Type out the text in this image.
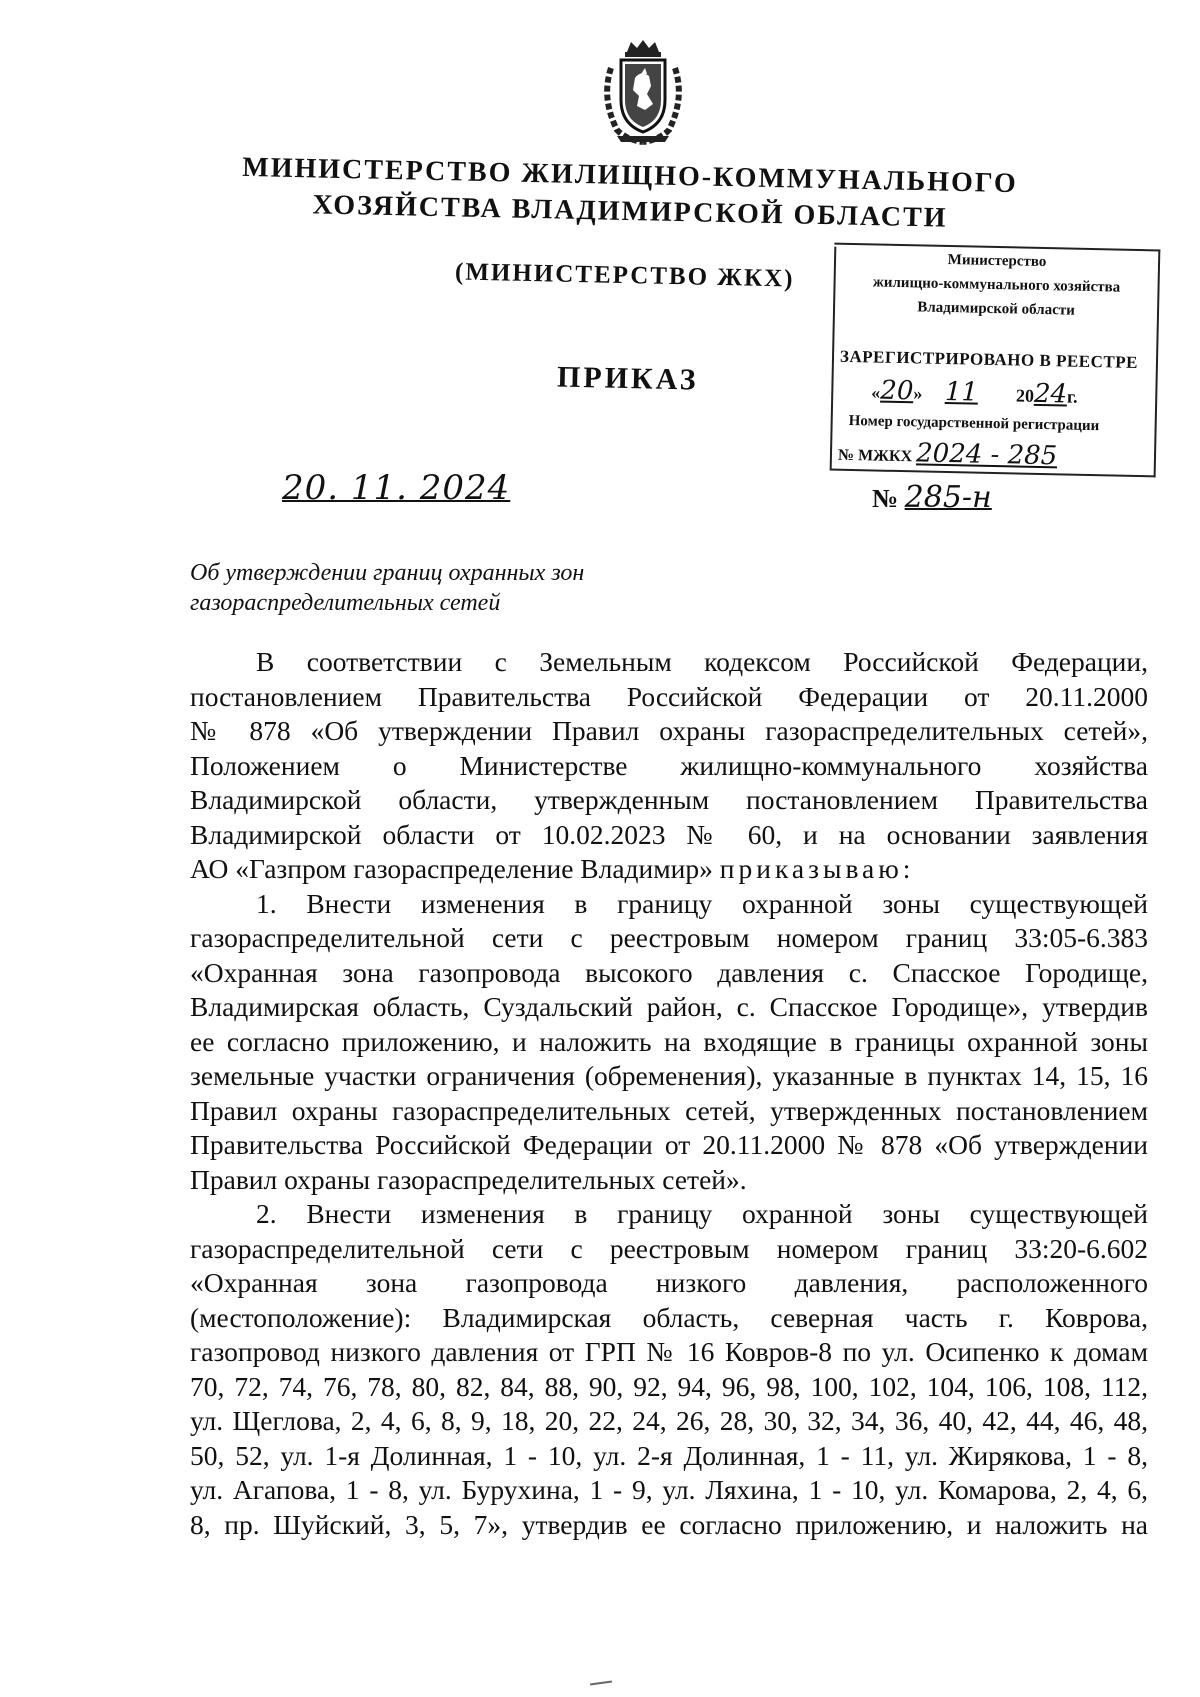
МИНИСТЕРСТВО ЖИЛИЩНО-КОММУНАЛЬНОГО
ХОЗЯЙСТВА ВЛАДИМИРСКОЙ ОБЛАСТИ
(МИНИСТЕРСТВО ЖКХ)
ПРИКАЗ
Министерство
жилищно-коммунального хозяйства
Владимирской области
ЗАРЕГИСТРИРОВАНО В РЕЕСТРЕ
«20» 11 2024г.
Номер государственной регистрации
№ МЖКХ 2024 - 285
20. 11. 2024	№ 285-н
Об утверждении границ охранных зон
газораспределительных сетей

В соответствии с Земельным кодексом Российской Федерации,

постановлением Правительства Российской Федерации от 20.11.2000

№ 878 «Об утверждении Правил охраны газораспределительных сетей»,

Положением о Министерстве жилищно-коммунального хозяйства

Владимирской области, утвержденным постановлением Правительства

Владимирской области от 10.02.2023 № 60, и на основании заявления

АО «Газпром газораспределение Владимир» приказываю:

1. Внести изменения в границу охранной зоны существующей

газораспределительной сети с реестровым номером границ 33:05-6.383

«Охранная зона газопровода высокого давления с. Спасское Городище,

Владимирская область, Суздальский район, с. Спасское Городище», утвердив

ее согласно приложению, и наложить на входящие в границы охранной зоны

земельные участки ограничения (обременения), указанные в пунктах 14, 15, 16

Правил охраны газораспределительных сетей, утвержденных постановлением

Правительства Российской Федерации от 20.11.2000 № 878 «Об утверждении

Правил охраны газораспределительных сетей».

2. Внести изменения в границу охранной зоны существующей

газораспределительной сети с реестровым номером границ 33:20-6.602

«Охранная зона газопровода низкого давления, расположенного

(местоположение): Владимирская область, северная часть г. Коврова,

газопровод низкого давления от ГРП № 16 Ковров-8 по ул. Осипенко к домам

70, 72, 74, 76, 78, 80, 82, 84, 88, 90, 92, 94, 96, 98, 100, 102, 104, 106, 108, 112,

ул. Щеглова, 2, 4, 6, 8, 9, 18, 20, 22, 24, 26, 28, 30, 32, 34, 36, 40, 42, 44, 46, 48,

50, 52, ул. 1-я Долинная, 1 - 10, ул. 2-я Долинная, 1 - 11, ул. Жирякова, 1 - 8,

ул. Агапова, 1 - 8, ул. Бурухина, 1 - 9, ул. Ляхина, 1 - 10, ул. Комарова, 2, 4, 6,

8, пр. Шуйский, 3, 5, 7», утвердив ее согласно приложению, и наложить на
